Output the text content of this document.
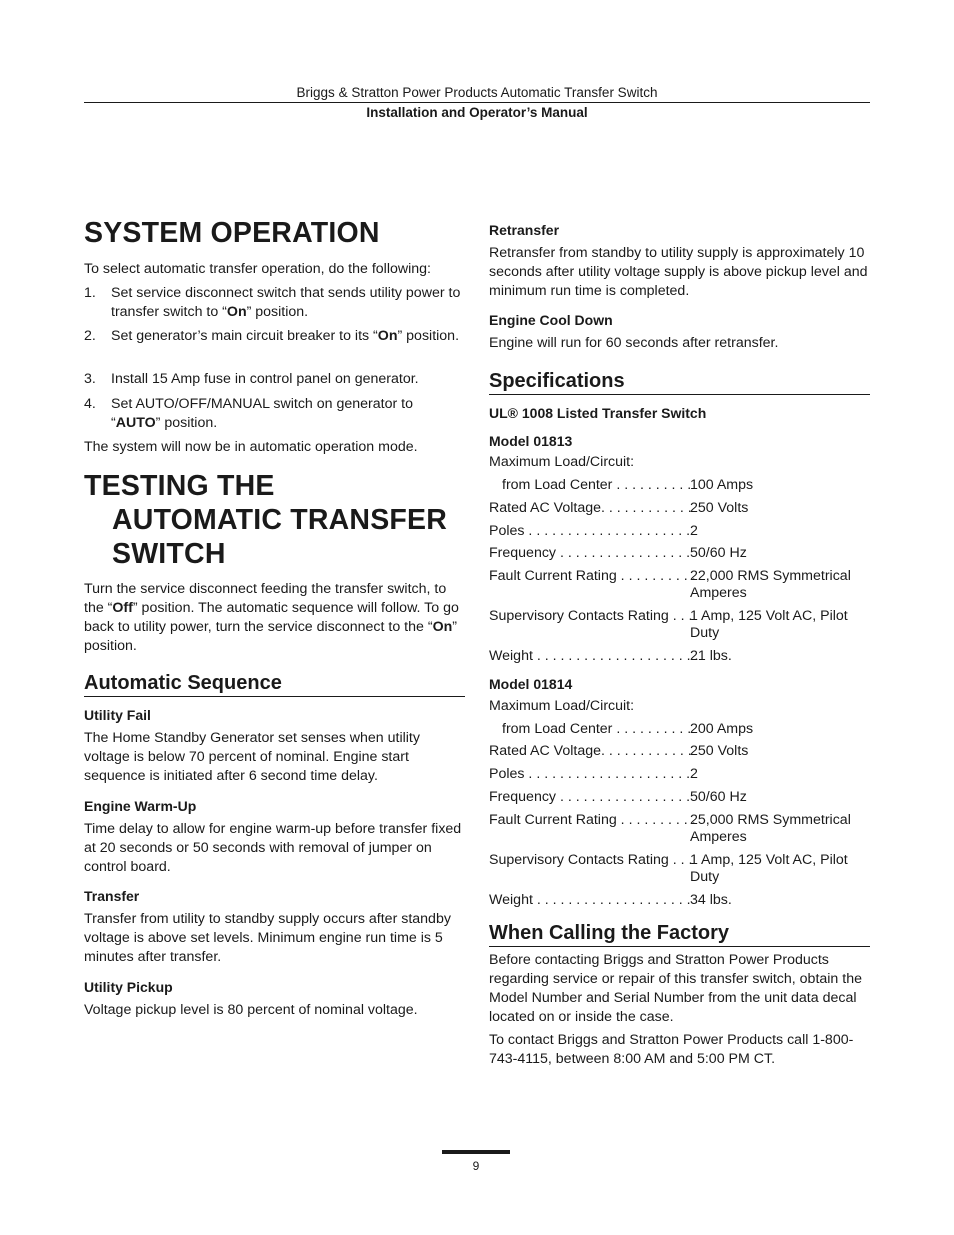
Briggs & Stratton Power Products Automatic Transfer Switch
Installation and Operator’s Manual
SYSTEM OPERATION
To select automatic transfer operation, do the following:
1.	Set service disconnect switch that sends utility power to transfer switch to “On” position.
2.	Set generator’s main circuit breaker to its “On” position.
3.	Install 15 Amp fuse in control panel on generator.
4.	Set AUTO/OFF/MANUAL switch on generator to “AUTO” position.
The system will now be in automatic operation mode.
TESTING THE
AUTOMATIC TRANSFER
SWITCH
Turn the service disconnect feeding the transfer switch, to the “Off” position. The automatic sequence will follow. To go back to utility power, turn the service disconnect to the “On” position.
Automatic Sequence
Utility Fail
The Home Standby Generator set senses when utility voltage is below 70 percent of nominal. Engine start sequence is initiated after 6 second time delay.
Engine Warm-Up
Time delay to allow for engine warm-up before transfer fixed at 20 seconds or 50 seconds with removal of jumper on control board.
Transfer
Transfer from utility to standby supply occurs after standby voltage is above set levels. Minimum engine run time is 5 minutes after transfer.
Utility Pickup
Voltage pickup level is 80 percent of nominal voltage.
Retransfer
Retransfer from standby to utility supply is approximately 10 seconds after utility voltage supply is above pickup level and minimum run time is completed.
Engine Cool Down
Engine will run for 60 seconds after retransfer.
Specifications
UL® 1008 Listed Transfer Switch
Model 01813
Maximum Load/Circuit:
from Load Center . . . . . . . . . .
100 Amps
Rated AC Voltage. . . . . . . . . . . .
250 Volts
Poles . . . . . . . . . . . . . . . . . . . . . 2
Frequency . . . . . . . . . . . . . . . . . 50/60 Hz
Fault Current Rating . . . . . . . . . .
22,000 RMS Symmetrical Amperes
Supervisory Contacts Rating . . .
1 Amp, 125 Volt AC, Pilot Duty
Weight . . . . . . . . . . . . . . . . . . . . .
21 lbs.
Model 01814
Maximum Load/Circuit:
from Load Center . . . . . . . . . .
200 Amps
Rated AC Voltage. . . . . . . . . . . .
250 Volts
Poles . . . . . . . . . . . . . . . . . . . . . 2
Frequency . . . . . . . . . . . . . . . . . 50/60 Hz
Fault Current Rating . . . . . . . . . .
25,000 RMS Symmetrical Amperes
Supervisory Contacts Rating . . .
1 Amp, 125 Volt AC, Pilot Duty
Weight . . . . . . . . . . . . . . . . . . . . 34 lbs.
When Calling the Factory
Before contacting Briggs and Stratton Power Products regarding service or repair of this transfer switch, obtain the Model Number and Serial Number from the unit data decal located on or inside the case.
To contact Briggs and Stratton Power Products call 1-800-743-4115, between 8:00 AM and 5:00 PM CT.
9
